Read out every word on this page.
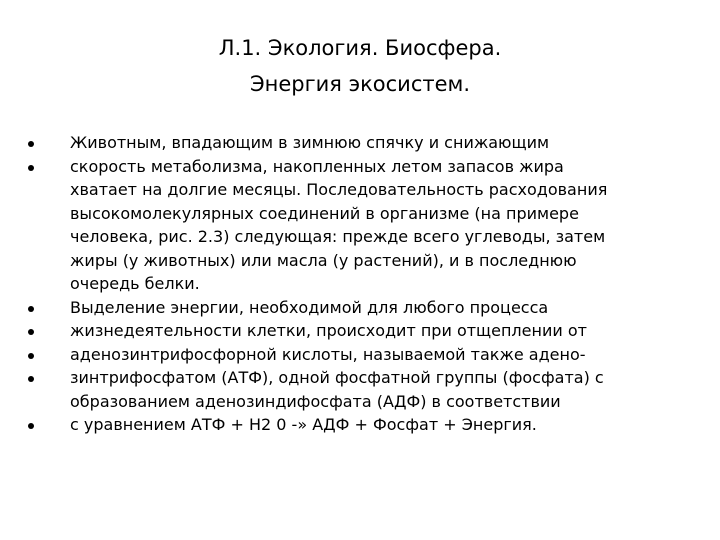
Л.1. Экология. Биосфера.
Энергия экосистем.
Животным, впадающим в зимнюю спячку и снижающим
скорость метаболизма, накопленных летом запасов жира
хватает на долгие месяцы. Последовательность расходования
высокомолекулярных соединений в организме (на примере
человека, рис. 2.3) следующая: прежде всего углеводы, затем
жиры (у животных) или масла (у растений), и в последнюю
очередь белки.
Выделение энергии, необходимой для любого процесса
жизнедеятельности клетки, происходит при отщеплении от
аденозинтрифосфорной кислоты, называемой также адено-
зинтрифосфатом (АТФ), одной фосфатной группы (фосфата) с
образованием аденозиндифосфата (АДФ) в соответствии
с уравнением АТФ + Н2 0 -» АДФ + Фосфат + Энергия.
